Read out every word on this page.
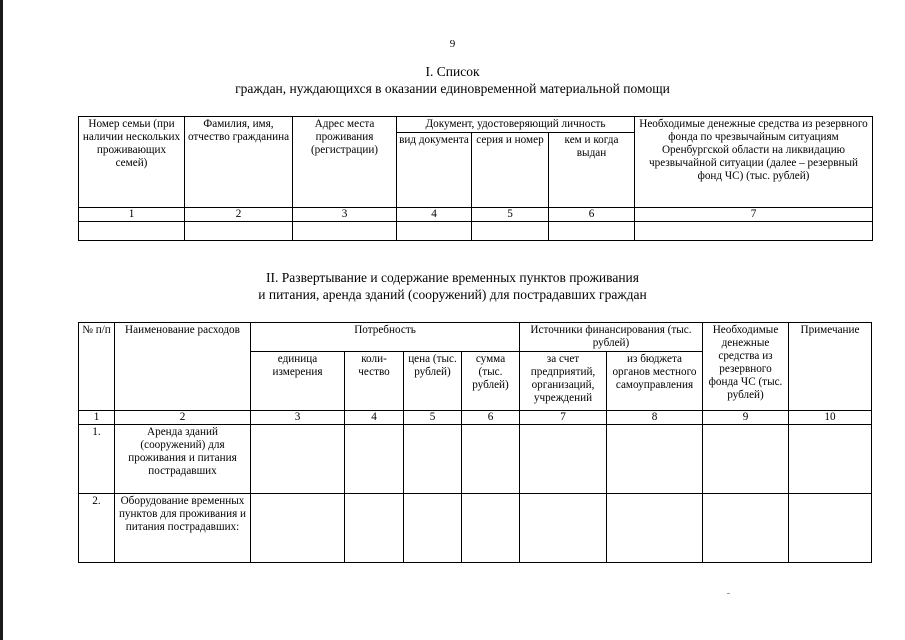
9
I. Список
граждан, нуждающихся в оказании единовременной материальной помощи
Номер семьи (при наличии нескольких проживающих семей)	Фамилия, имя, отчество гражданина	Адрес места проживания (регистрации)	Документ, удостоверяющий личность			Необходимые денежные средства из резервного фонда по чрезвычайным ситуациям Оренбургской области на ликвидацию чрезвычайной ситуации (далее – резервный фонд ЧС) (тыс. рублей)
			вид документа	серия и номер	кем и когда выдан	
1	2	3	4	5	6	7

II. Развертывание и содержание временных пунктов проживания
и питания, аренда зданий (сооружений) для пострадавших граждан
№ п/п	Наименование расходов	Потребность				Источники финансирования (тыс. рублей)		Необходимые денежные средства из резервного фонда ЧС (тыс. рублей)	Примечание
		единица измерения	коли-чество	цена (тыс. рублей)	сумма (тыс. рублей)	за счет предприятий, организаций, учреждений	из бюджета органов местного самоуправления		
1	2	3	4	5	6	7	8	9	10
1.	Аренда зданий (сооружений) для проживания и питания пострадавших								
2.	Оборудование временных пунктов для проживания и питания пострадавших:								
